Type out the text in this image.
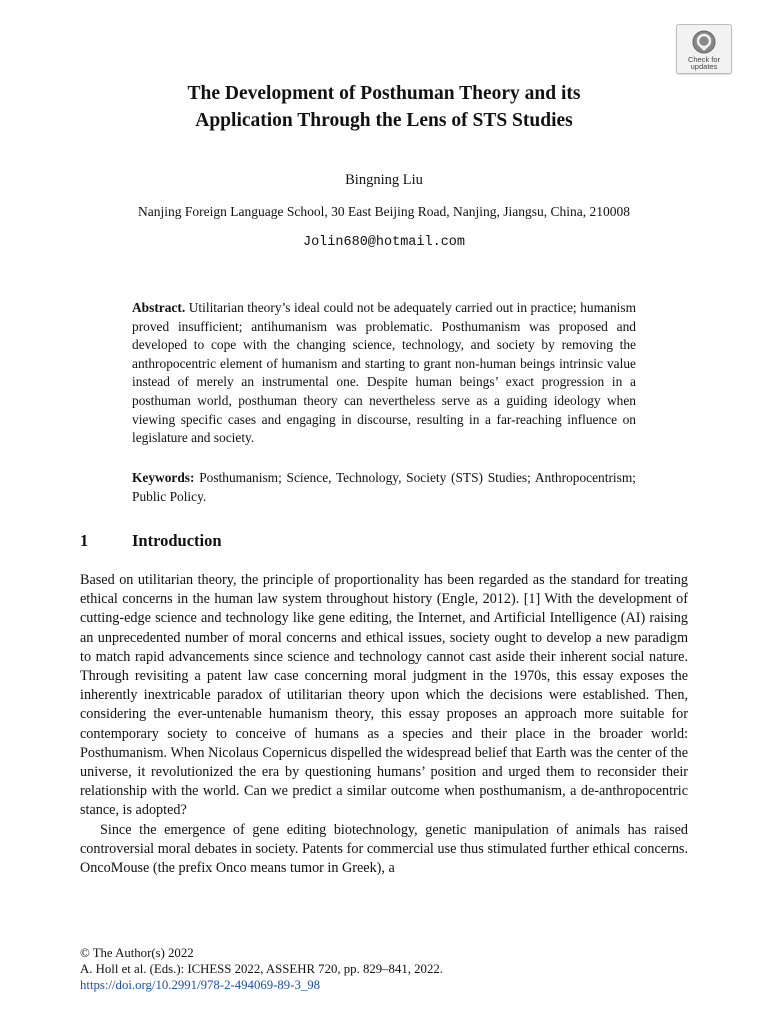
Check for
updates
The Development of Posthuman Theory and its
Application Through the Lens of STS Studies
Bingning Liu
Nanjing Foreign Language School, 30 East Beijing Road, Nanjing, Jiangsu, China, 210008
Jolin680@hotmail.com

Abstract. Utilitarian theory’s ideal could not be adequately carried out in practice; humanism proved insufficient; antihumanism was problematic. Posthumanism was proposed and developed to cope with the changing science, technology, and society by removing the anthropocentric element of humanism and starting to grant non-human beings intrinsic value instead of merely an instrumental one. Despite human beings’ exact progression in a posthuman world, posthuman theory can nevertheless serve as a guiding ideology when viewing specific cases and engaging in discourse, resulting in a far-reaching influence on legislature and society.

Keywords: Posthumanism; Science, Technology, Society (STS) Studies; Anthropocentrism; Public Policy.

1	Introduction

Based on utilitarian theory, the principle of proportionality has been regarded as the standard for treating ethical concerns in the human law system throughout history (Engle, 2012). [1] With the development of cutting-edge science and technology like gene editing, the Internet, and Artificial Intelligence (AI) raising an unprecedented number of moral concerns and ethical issues, society ought to develop a new paradigm to match rapid advancements since science and technology cannot cast aside their inherent social nature. Through revisiting a patent law case concerning moral judgment in the 1970s, this essay exposes the inherently inextricable paradox of utilitarian theory upon which the decisions were established. Then, considering the ever-untenable humanism theory, this essay proposes an approach more suitable for contemporary society to conceive of humans as a species and their place in the broader world: Posthumanism. When Nicolaus Copernicus dispelled the widespread belief that Earth was the center of the universe, it revolutionized the era by questioning humans’ position and urged them to reconsider their relationship with the world. Can we predict a similar outcome when posthumanism, a de-anthropocentric stance, is adopted?

Since the emergence of gene editing biotechnology, genetic manipulation of animals has raised controversial moral debates in society. Patents for commercial use thus stimulated further ethical concerns. OncoMouse (the prefix Onco means tumor in Greek), a

© The Author(s) 2022
A. Holl et al. (Eds.): ICHESS 2022, ASSEHR 720, pp. 829–841, 2022.
https://doi.org/10.2991/978-2-494069-89-3_98
